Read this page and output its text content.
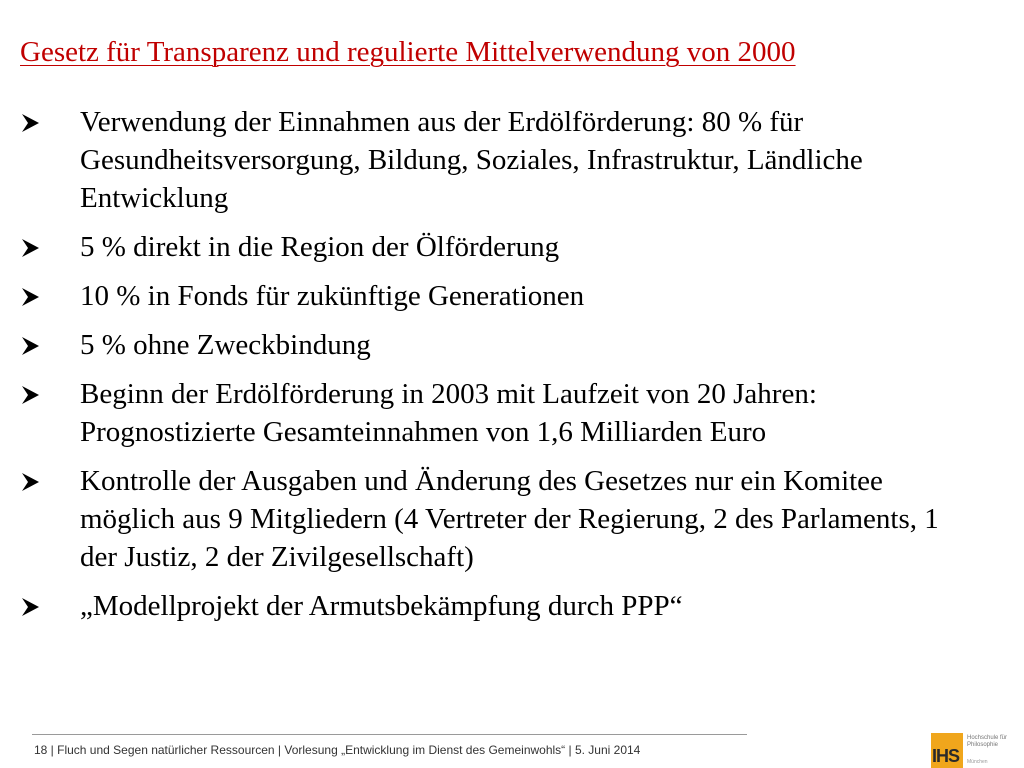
Gesetz für Transparenz und regulierte Mittelverwendung von 2000
Verwendung der Einnahmen aus der Erdölförderung: 80 % für Gesundheitsversorgung, Bildung, Soziales, Infrastruktur, Ländliche Entwicklung
5 % direkt in die Region der Ölförderung
10 % in Fonds für zukünftige Generationen
5 % ohne Zweckbindung
Beginn der Erdölförderung in 2003 mit Laufzeit von 20 Jahren: Prognostizierte Gesamteinnahmen von 1,6 Milliarden Euro
Kontrolle der Ausgaben und Änderung des Gesetzes nur ein Komitee möglich aus 9 Mitgliedern (4 Vertreter der Regierung, 2 des Parlaments, 1 der Justiz, 2 der Zivilgesellschaft)
„Modellprojekt der Armutsbekämpfung durch PPP“
18 | Fluch und Segen natürlicher Ressourcen | Vorlesung „Entwicklung im Dienst des Gemeinwohls“ | 5. Juni 2014	IHS
Hochschule für Philosophie
München
